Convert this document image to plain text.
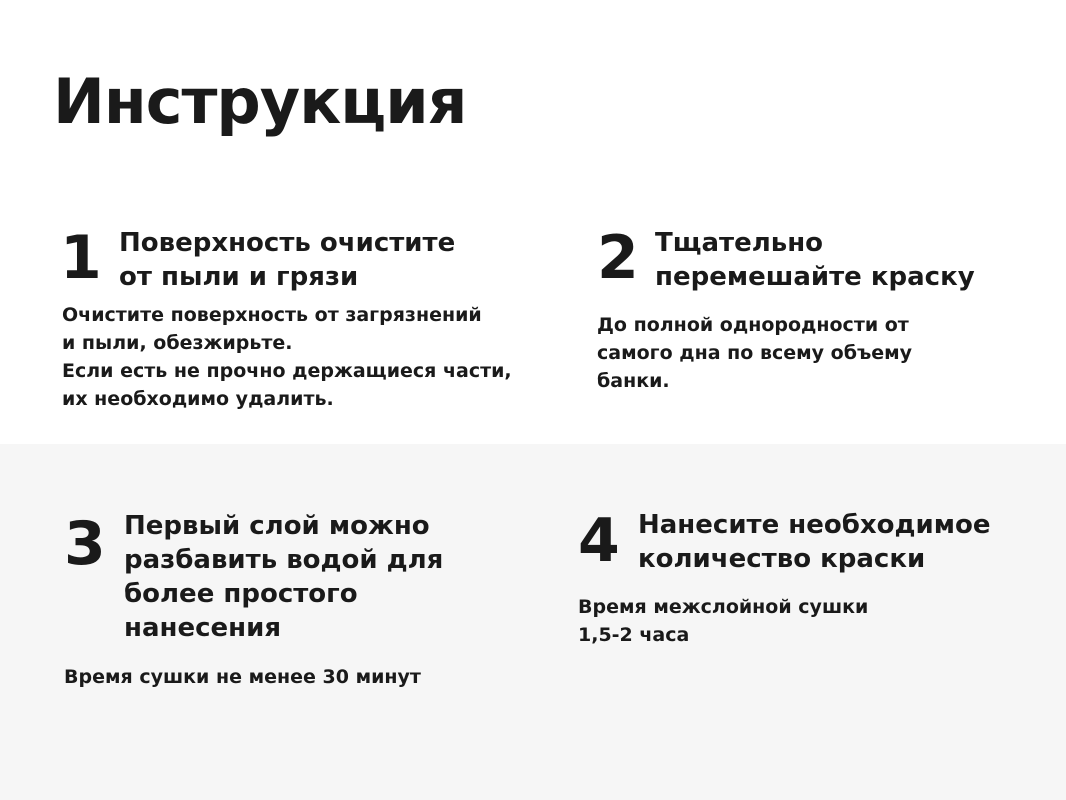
Инструкция
1 Поверхность очистите
от пыли и грязи

Очистите поверхность от загрязнений
и пыли, обезжирьте.
Если есть не прочно держащиеся части,
их необходимо удалить.

2 Тщательно
перемешайте краску

До полной однородности от
самого дна по всему объему
банки.

3 Первый слой можно
разбавить водой для
более простого
нанесения

Время сушки не менее 30 минут

4 Нанесите необходимое
количество краски

Время межслойной сушки
1,5-2 часа
